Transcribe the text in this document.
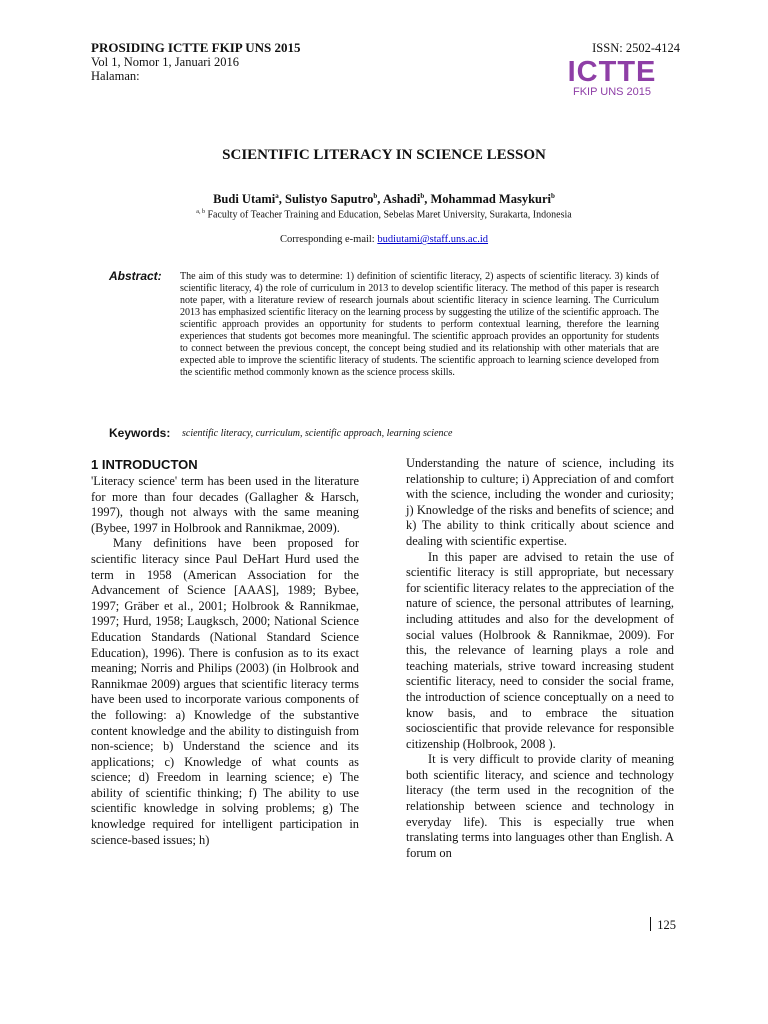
PROSIDING ICTTE FKIP UNS 2015
Vol 1, Nomor 1, Januari 2016
Halaman:
ISSN: 2502-4124
ICTTE
FKIP UNS 2015
SCIENTIFIC LITERACY IN SCIENCE LESSON
Budi Utami$^a$, Sulistyo Saputro$^b$, Ashadi$^b$, Mohammad Masykuri$^b$
$^{a, b}$ Faculty of Teacher Training and Education, Sebelas Maret University, Surakarta, Indonesia
Corresponding e-mail: budiutami@staff.uns.ac.id
Abstract: The aim of this study was to determine: 1) definition of scientific literacy, 2) aspects of scientific literacy. 3) kinds of scientific literacy, 4) the role of curriculum in 2013 to develop scientific literacy. The method of this paper is research note paper, with a literature review of research journals about scientific literacy in science learning. The Curriculum 2013 has emphasized scientific literacy on the learning process by suggesting the utilize of the scientific approach. The scientific approach provides an opportunity for students to perform contextual learning, therefore the learning experiences that students got becomes more meaningful. The scientific approach provides an opportunity for students to connect between the previous concept, the concept being studied and its relationship with other materials that are expected able to improve the scientific literacy of students. The scientific approach to learning science developed from the scientific method commonly known as the science process skills.
Keywords: scientific literacy, curriculum, scientific approach, learning science
1 INTRODUCTON

'Literacy science' term has been used in the literature for more than four decades (Gallagher & Harsch, 1997), though not always with the same meaning (Bybee, 1997 in Holbrook and Rannikmae, 2009).

Many definitions have been proposed for scientific literacy since Paul DeHart Hurd used the term in 1958 (American Association for the Advancement of Science [AAAS], 1989; Bybee, 1997; Gräber et al., 2001; Holbrook & Rannikmae, 1997; Hurd, 1958; Laugksch, 2000; National Science Education Standards (National Standard Science Education), 1996). There is confusion as to its exact meaning; Norris and Philips (2003) (in Holbrook and Rannikmae 2009) argues that scientific literacy terms have been used to incorporate various components of the following: a) Knowledge of the substantive content knowledge and the ability to distinguish from non-science; b) Understand the science and its applications; c) Knowledge of what counts as science; d) Freedom in learning science; e) The ability of scientific thinking; f) The ability to use scientific knowledge in solving problems; g) The knowledge required for intelligent participation in science-based issues; h)

Understanding the nature of science, including its relationship to culture; i) Appreciation of and comfort with the science, including the wonder and curiosity; j) Knowledge of the risks and benefits of science; and k) The ability to think critically about science and dealing with scientific expertise.

In this paper are advised to retain the use of scientific literacy is still appropriate, but necessary for scientific literacy relates to the appreciation of the nature of science, the personal attributes of learning, including attitudes and also for the development of social values (Holbrook & Rannikmae, 2009). For this, the relevance of learning plays a role and teaching materials, strive toward increasing student scientific literacy, need to consider the social frame, the introduction of science conceptually on a need to know basis, and to embrace the situation socioscientific that provide relevance for responsible citizenship (Holbrook, 2008 ).

It is very difficult to provide clarity of meaning both scientific literacy, and science and technology literacy (the term used in the recognition of the relationship between science and technology in everyday life). This is especially true when translating terms into languages other than English. A forum on

125
